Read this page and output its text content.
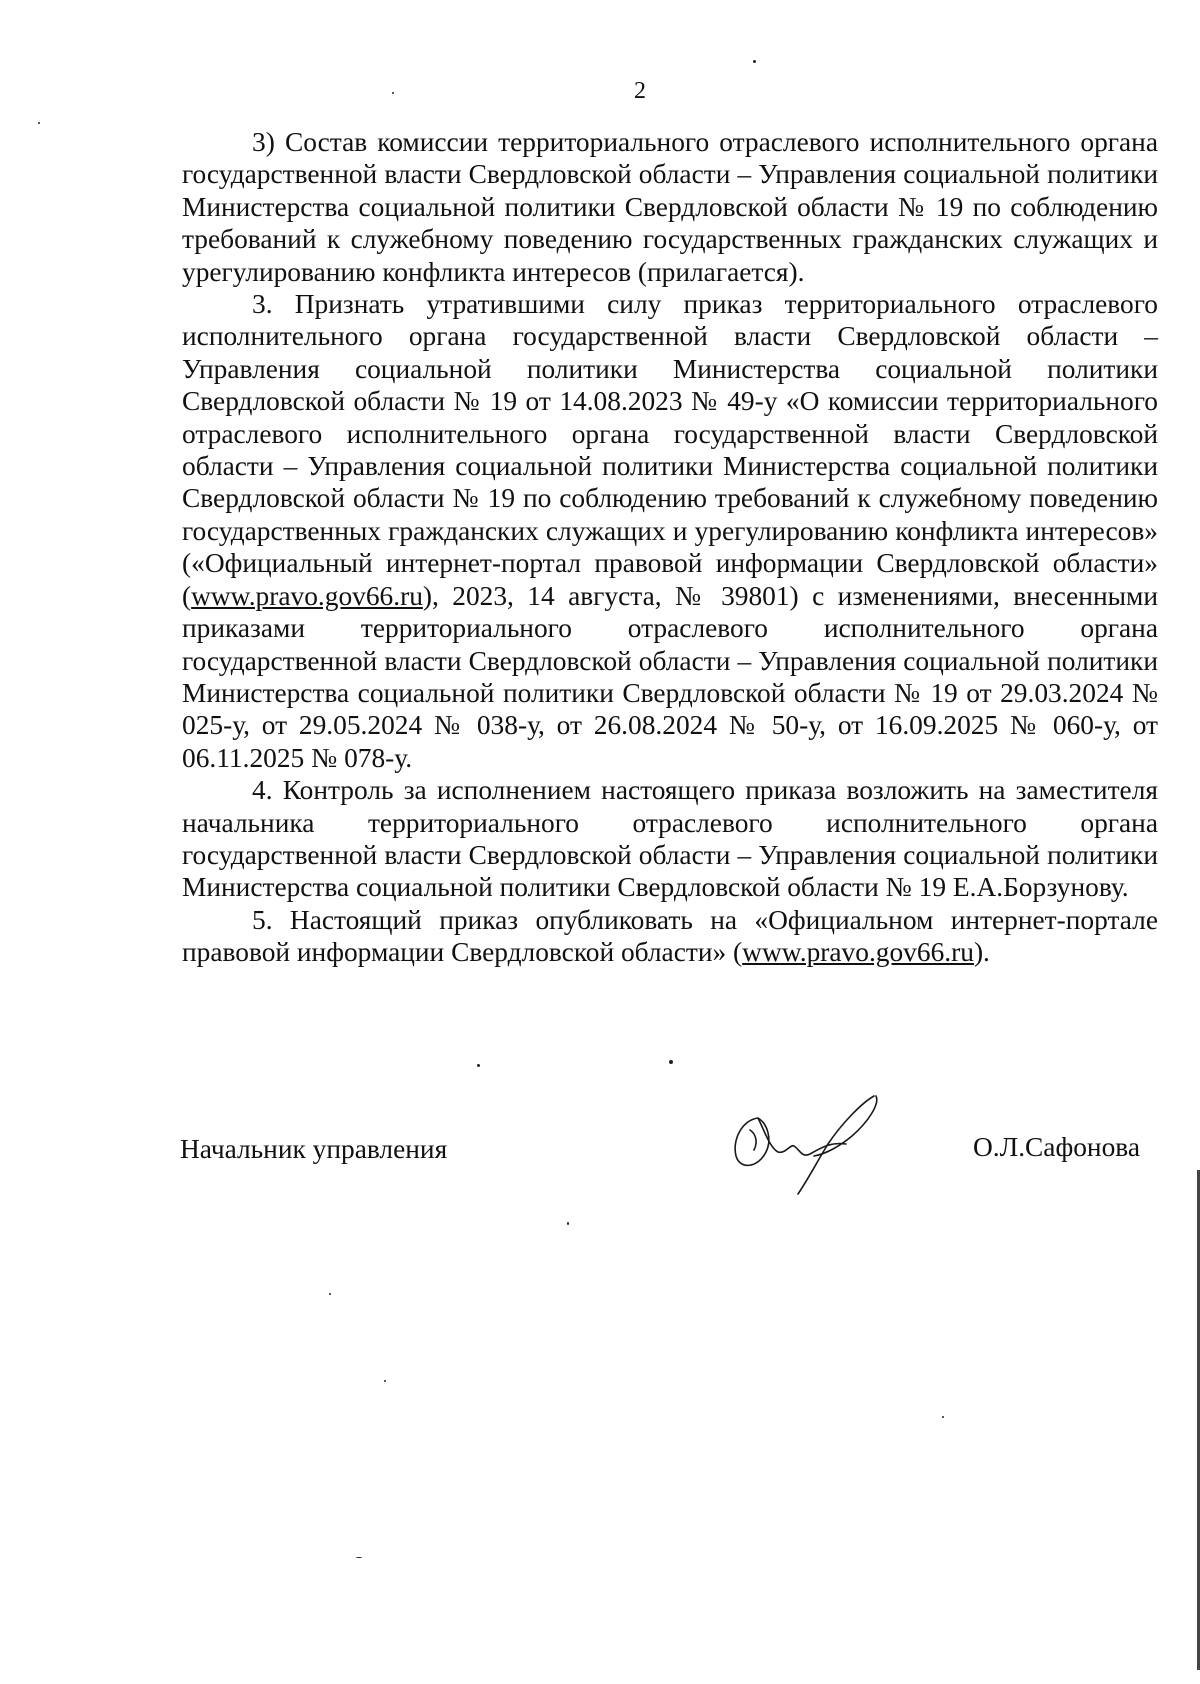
2

3) Состав комиссии территориального отраслевого исполнительного органа государственной власти Свердловской области – Управления социальной политики Министерства социальной политики Свердловской области № 19 по соблюдению требований к служебному поведению государственных гражданских служащих и урегулированию конфликта интересов (прилагается).

3. Признать утратившими силу приказ территориального отраслевого исполнительного органа государственной власти Свердловской области – Управления социальной политики Министерства социальной политики Свердловской области № 19 от 14.08.2023 № 49-у «О комиссии территориального отраслевого исполнительного органа государственной власти Свердловской области – Управления социальной политики Министерства социальной политики Свердловской области № 19 по соблюдению требований к служебному поведению государственных гражданских служащих и урегулированию конфликта интересов» («Официальный интернет-портал правовой информации Свердловской области» (www.pravo.gov66.ru), 2023, 14 августа, № 39801) с изменениями, внесенными приказами территориального отраслевого исполнительного органа государственной власти Свердловской области – Управления социальной политики Министерства социальной политики Свердловской области № 19 от 29.03.2024 № 025-у, от 29.05.2024 № 038-у, от 26.08.2024 № 50-у, от 16.09.2025 № 060-у, от 06.11.2025 № 078-у.

4. Контроль за исполнением настоящего приказа возложить на заместителя начальника территориального отраслевого исполнительного органа государственной власти Свердловской области – Управления социальной политики Министерства социальной политики Свердловской области № 19 Е.А.Борзунову.

5. Настоящий приказ опубликовать на «Официальном интернет-портале правовой информации Свердловской области» (www.pravo.gov66.ru).

Начальник управления	О.Л.Сафонова
